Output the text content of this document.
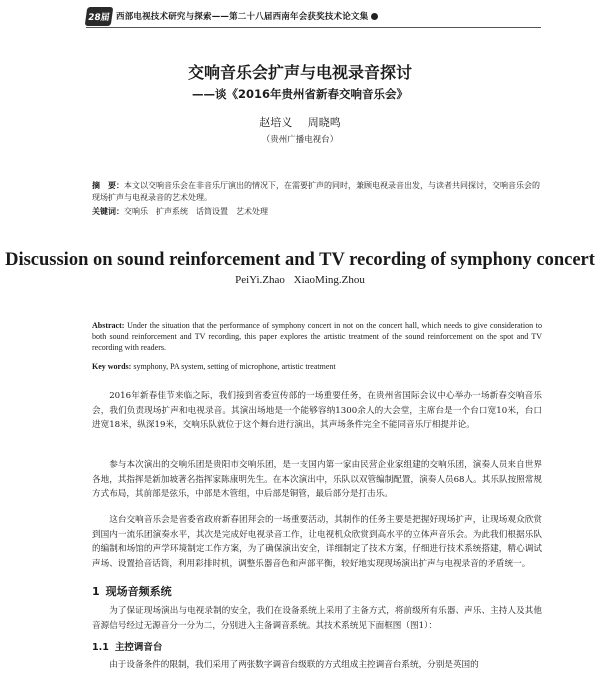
28届 西部电视技术研究与探索——第二十八届西南年会获奖技术论文集
交响音乐会扩声与电视录音探讨
——谈《2016年贵州省新春交响音乐会》
赵培义 周晓鸣
（贵州广播电视台）
摘　要：本文以交响音乐会在非音乐厅演出的情况下，在需要扩声的同时，兼顾电视录音出发，与读者共同探讨，交响音乐会的现场扩声与电视录音的艺术处理。
关键词：交响乐　扩声系统　话筒设置　艺术处理
Discussion on sound reinforcement and TV recording of symphony concert
PeiYi.Zhao XiaoMing.Zhou
Abstract: Under the situation that the performance of symphony concert in not on the concert hall, which needs to give consideration to both sound reinforcement and TV recording, this paper explores the artistic treatment of the sound reinforcement on the spot and TV recording with readers.
Key words: symphony, PA system, setting of microphone, artistic treatment
2016年新春佳节来临之际，我们接到省委宣传部的一场重要任务，在贵州省国际会议中心举办一场新春交响音乐会，我们负责现场扩声和电视录音。其演出场地是一个能够容纳1300余人的大会堂，主席台是一个台口宽10米，台口进宽18米，纵深19米，交响乐队就位于这个舞台进行演出，其声场条件完全不能同音乐厅相提并论。
参与本次演出的交响乐团是贵阳市交响乐团，是一支国内第一家由民营企业家组建的交响乐团，演奏人员来自世界各地，其指挥是新加坡著名指挥家陈康明先生。在本次演出中，乐队以双管编制配置，演奏人员68人。其乐队按照常规方式布局，其前部是弦乐，中部是木管组，中后部是铜管，最后部分是打击乐。
这台交响音乐会是省委省政府新春团拜会的一场重要活动，其制作的任务主要是把握好现场扩声，让现场观众欣赏到国内一流乐团演奏水平，其次是完成好电视录音工作，让电视机众欣赏到高水平的立体声音乐会。为此我们根据乐队的编制和场馆的声学环境制定工作方案，为了确保演出安全，详细制定了技术方案，仔细进行技术系统搭建，精心调试声场、设置拾音话筒，利用彩排时机，调整乐器音色和声部平衡，较好地实现现场演出扩声与电视录音的矛盾统一。
1 现场音频系统
为了保证现场演出与电视录制的安全，我们在设备系统上采用了主备方式，将前级所有乐器、声乐、主持人及其他音源信号经过无源音分一分为二，分别进入主备调音系统。其技术系统见下面框图（图1）：
1.1 主控调音台
由于设备条件的限制，我们采用了两张数字调音台级联的方式组成主控调音台系统，分别是英国的
